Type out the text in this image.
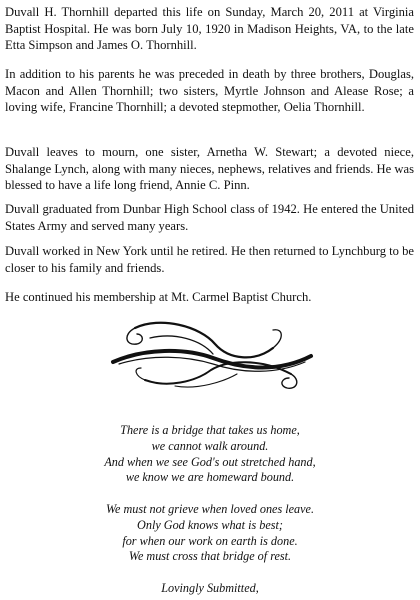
Duvall H. Thornhill departed this life on Sunday, March 20, 2011 at Virginia Baptist Hospital. He was born July 10, 1920 in Madison Heights, VA, to the late Etta Simpson and James O. Thornhill.

In addition to his parents he was preceded in death by three brothers, Douglas, Macon and Allen Thornhill; two sisters, Myrtle Johnson and Alease Rose; a loving wife, Francine Thornhill; a devoted stepmother, Oelia Thornhill.

Duvall leaves to mourn, one sister, Arnetha W. Stewart; a devoted niece, Shalange Lynch, along with many nieces, nephews, relatives and friends. He was blessed to have a life long friend, Annie C. Pinn.

Duvall graduated from Dunbar High School class of 1942. He entered the United States Army and served many years.

Duvall worked in New York until he retired. He then returned to Lynchburg to be closer to his family and friends.

He continued his membership at Mt. Carmel Baptist Church.

There is a bridge that takes us home,
we cannot walk around.
And when we see God's out stretched hand,
we know we are homeward bound.

We must not grieve when loved ones leave.
Only God knows what is best;
for when our work on earth is done.
We must cross that bridge of rest.

Lovingly Submitted,
